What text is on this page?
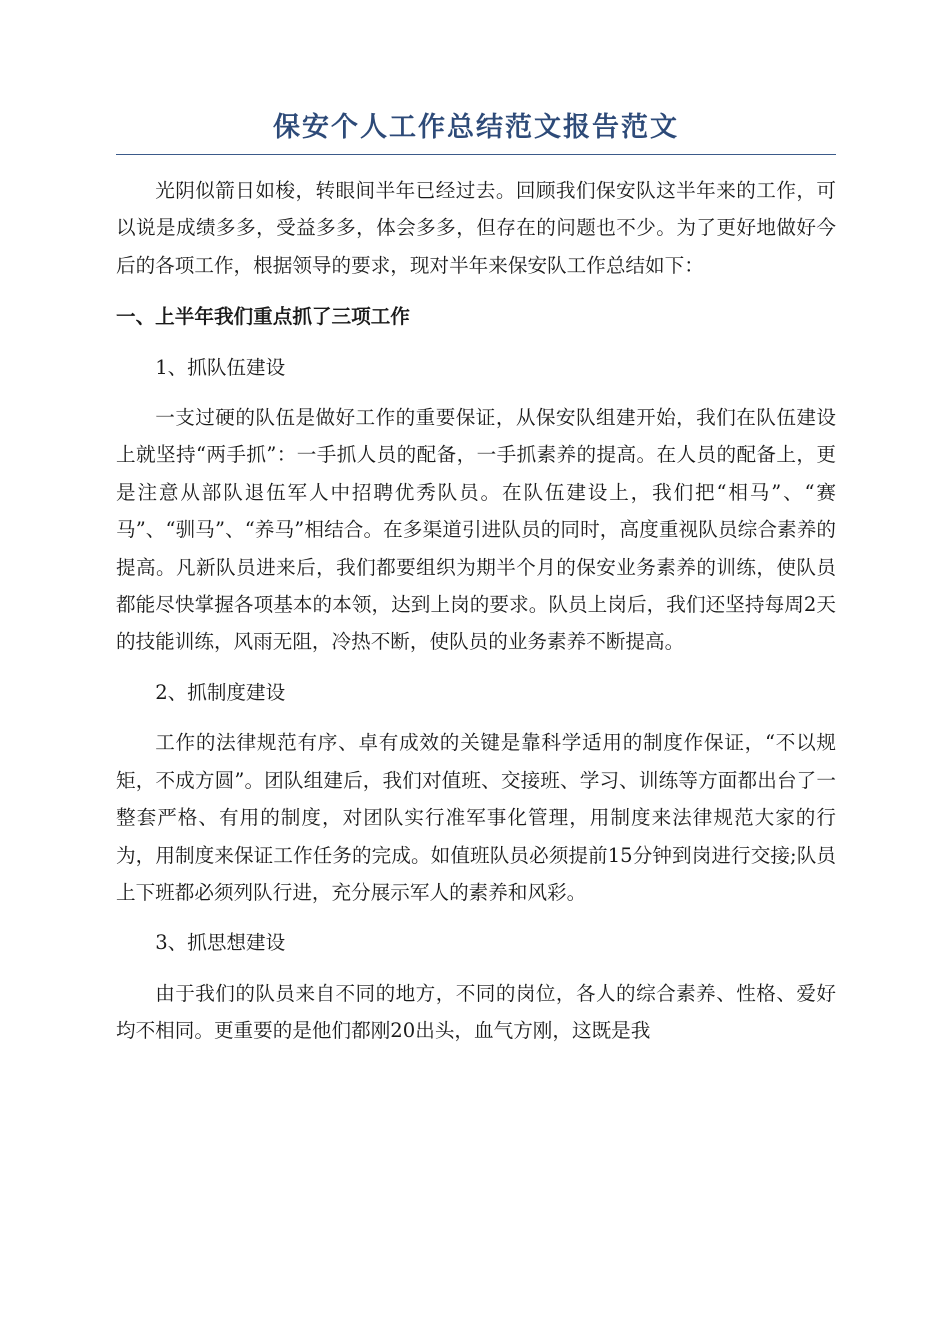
保安个人工作总结范文报告范文

光阴似箭日如梭，转眼间半年已经过去。回顾我们保安队这半年来的工作，可以说是成绩多多，受益多多，体会多多，但存在的问题也不少。为了更好地做好今后的各项工作，根据领导的要求，现对半年来保安队工作总结如下：

一、上半年我们重点抓了三项工作

1、抓队伍建设

一支过硬的队伍是做好工作的重要保证，从保安队组建开始，我们在队伍建设上就坚持“两手抓”：一手抓人员的配备，一手抓素养的提高。在人员的配备上，更是注意从部队退伍军人中招聘优秀队员。在队伍建设上，我们把“相马”、“赛马”、“驯马”、“养马”相结合。在多渠道引进队员的同时，高度重视队员综合素养的提高。凡新队员进来后，我们都要组织为期半个月的保安业务素养的训练，使队员都能尽快掌握各项基本的本领，达到上岗的要求。队员上岗后，我们还坚持每周2天的技能训练，风雨无阻，冷热不断，使队员的业务素养不断提高。

2、抓制度建设

工作的法律规范有序、卓有成效的关键是靠科学适用的制度作保证，“不以规矩，不成方圆”。团队组建后，我们对值班、交接班、学习、训练等方面都出台了一整套严格、有用的制度，对团队实行准军事化管理，用制度来法律规范大家的行为，用制度来保证工作任务的完成。如值班队员必须提前15分钟到岗进行交接;队员上下班都必须列队行进，充分展示军人的素养和风彩。

3、抓思想建设

由于我们的队员来自不同的地方，不同的岗位，各人的综合素养、性格、爱好均不相同。更重要的是他们都刚20出头，血气方刚，这既是我
